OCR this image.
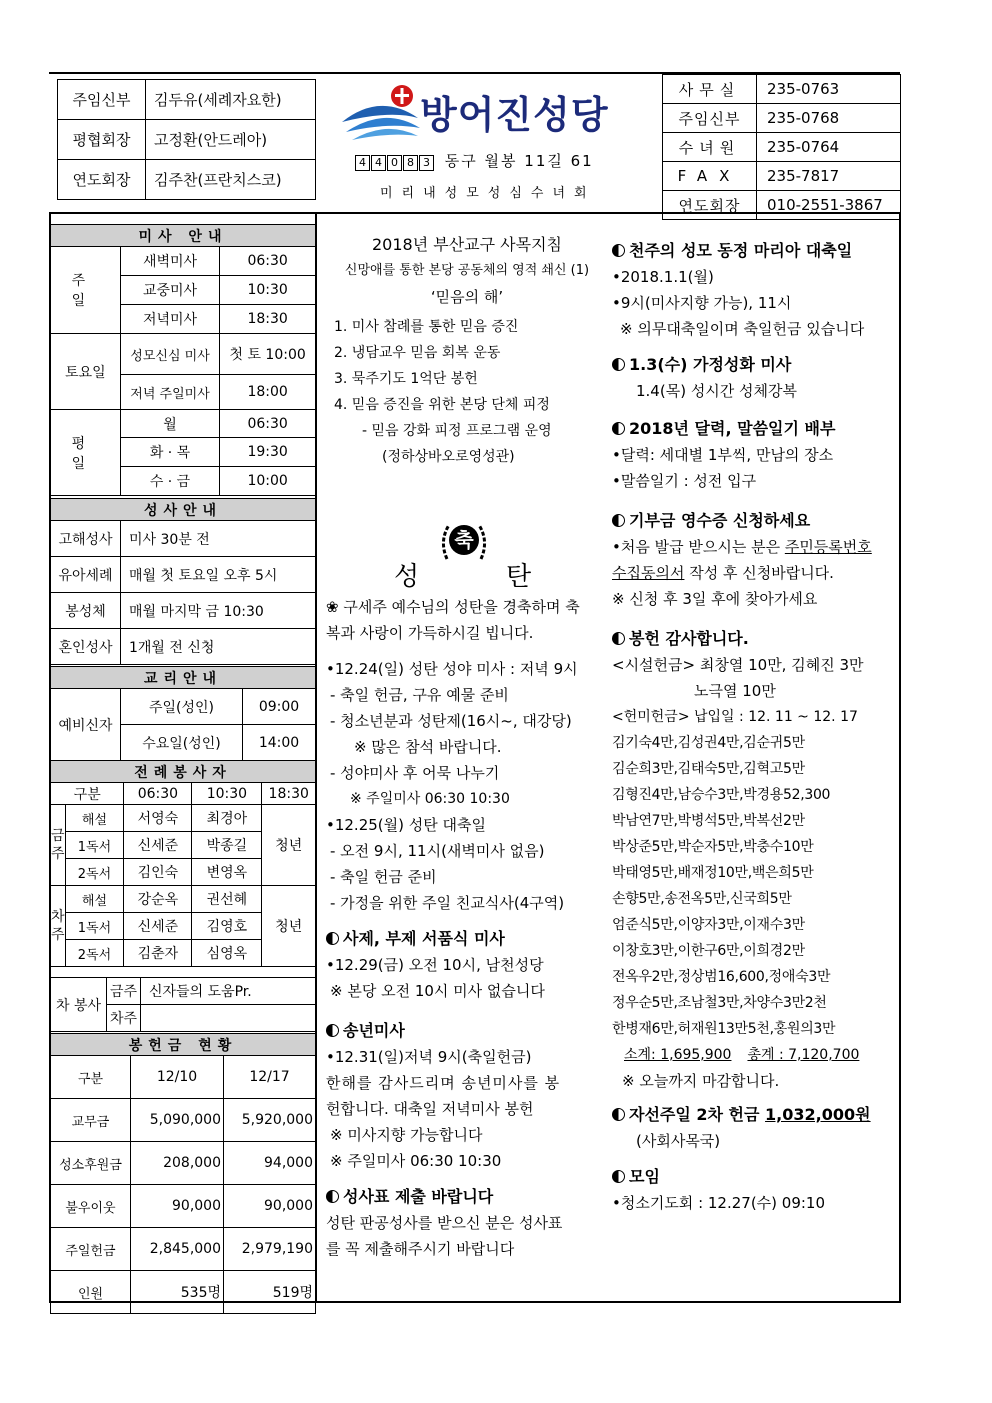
주임신부	김두유(세례자요한)
평협회장	고정환(안드레아)
연도회장	김주찬(프란치스코)
방어진성당
4 4 0 8 3 동구 월봉 11길 61
미리내성모성심수녀회
사무실	235-0763
주임신부	235-0768
수녀원	235-0764
FAX	235-7817
연도회장	010-2551-3867
미사 안내		
주 일	새벽미사	06:30
	교중미사	10:30
	저녁미사	18:30
토요일	성모신심 미사	첫 토 10:00
	저녁 주일미사	18:00
평 일	월	06:30
	화 · 목	19:30
	수 · 금	10:00
성사안내	
고해성사	미사 30분 전
유아세례	매월 첫 토요일 오후 5시
봉성체	매월 마지막 금 10:30
혼인성사	1개월 전 신청
교리안내		
예비신자	주일(성인)	09:00
	수요일(성인)	14:00
전례봉사자				
구분		06:30	10:30	18:30
금주	해설	서영숙	최경아	청년
	1독서	신세준	박종길	
	2독서	김인숙	변영옥	
차주	해설	강순옥	권선혜	청년
	1독서	신세준	김영호	
	2독서	김춘자	심영옥	
차 봉사	금주	신자들의 도움Pr.
	차주	
봉헌금 현황		
구분	12/10	12/17
교무금	5,090,000	5,920,000
성소후원금	208,000	94,000
불우이웃	90,000	90,000
주일헌금	2,845,000	2,979,190
인원	535명	519명

2018년 부산교구 사목지침

신망애를 통한 본당 공동체의 영적 쇄신 (1)

‘믿음의 해’

1. 미사 참례를 통한 믿음 증진

2. 냉담교우 믿음 회복 운동

3. 묵주기도 1억단 봉헌

4. 믿음 증진을 위한 본당 단체 피정

- 믿음 강화 피정 프로그램 운영

(정하상바오로영성관)

축
성	탄

❀ 구세주 예수님의 성탄을 경축하며 축

복과 사랑이 가득하시길 빕니다.

•12.24(일) 성탄 성야 미사 : 저녁 9시

- 축일 헌금, 구유 예물 준비

- 청소년분과 성탄제(16시~, 대강당)

※ 많은 참석 바랍니다.

- 성야미사 후 어묵 나누기

※ 주일미사 06:30 10:30

•12.25(월) 성탄 대축일

- 오전 9시, 11시(새벽미사 없음)

- 축일 헌금 준비

- 가정을 위한 주일 친교식사(4구역)

사제, 부제 서품식 미사

•12.29(금) 오전 10시, 남천성당

※ 본당 오전 10시 미사 없습니다

송년미사

•12.31(일)저녁 9시(축일헌금)

한해를 감사드리며 송년미사를 봉

헌합니다. 대축일 저녁미사 봉헌

※ 미사지향 가능합니다

※ 주일미사 06:30 10:30

성사표 제출 바랍니다

성탄 판공성사를 받으신 분은 성사표

를 꼭 제출해주시기 바랍니다

천주의 성모 동정 마리아 대축일

•2018.1.1(월)

•9시(미사지향 가능), 11시

※ 의무대축일이며 축일헌금 있습니다

1.3(수) 가정성화 미사

1.4(목) 성시간 성체강복

2018년 달력, 말씀일기 배부

•달력: 세대별 1부씩, 만남의 장소

•말씀일기 : 성전 입구

기부금 영수증 신청하세요

•처음 발급 받으시는 분은 주민등록번호

수집동의서 작성 후 신청바랍니다.

※ 신청 후 3일 후에 찾아가세요

봉헌 감사합니다.

<시설헌금> 최창열 10만, 김혜진 3만

노극열 10만

<헌미헌금> 납입일 : 12. 11 ~ 12. 17

김기숙4만,김성권4만,김순귀5만

김순희3만,김태숙5만,김혁고5만

김형진4만,남승수3만,박경용52,300

박남연7만,박병석5만,박복선2만

박상준5만,박순자5만,박충수10만

박태영5만,배재정10만,백은희5만

손향5만,송전옥5만,신국희5만

엄준식5만,이양자3만,이재수3만

이창호3만,이한구6만,이희경2만

전옥우2만,정상범16,600,정애숙3만

정우순5만,조남철3만,차양수3만2천

한병재6만,허재원13만5천,홍원의3만

소계: 1,695,900 총계 : 7,120,700

※ 오늘까지 마감합니다.

자선주일 2차 헌금 1,032,000원

(사회사목국)

모임

•청소기도회 : 12.27(수) 09:10
